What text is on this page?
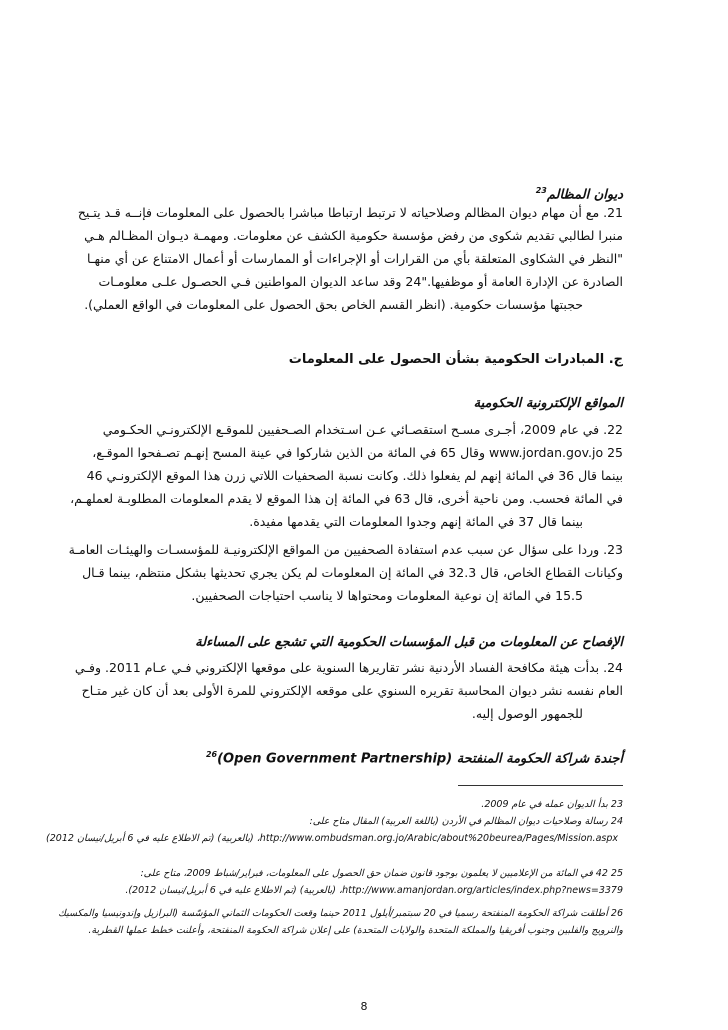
ديوان المظالم$^{23}$
21. مع أن مهام ديوان المظالم وصلاحياته لا ترتبط ارتباطا مباشرا بالحصول على المعلومات فإنــه قـد يتـيح
منبرا لطالبي تقديم شكوى من رفض مؤسسة حكومية الكشف عن معلومات. ومهمـة ديـوان المظـالم هـي
"النظر في الشكاوى المتعلقة بأي من القرارات أو الإجراءات أو الممارسات أو أعمال الامتناع عن أي منهـا
الصادرة عن الإدارة العامة أو موظفيها."24 وقد ساعد الديوان المواطنين فـي الحصـول علـى معلومـات
حجبتها مؤسسات حكومية. (انظر القسم الخاص بحق الحصول على المعلومات في الواقع العملي).
ج. المبادرات الحكومية بشأن الحصول على المعلومات
المواقع الإلكترونية الحكومية
22. في عام 2009، أجـرى مسـح استقصـائي عـن اسـتخدام الصـحفيين للموقـع الإلكترونـي الحكـومي
www.jordan.gov.jo 25 وقال 65 في المائة من الذين شاركوا في عينة المسح إنهـم تصـفحوا الموقـع،
بينما قال 36 في المائة إنهم لم يفعلوا ذلك. وكانت نسبة الصحفيات اللاتي زرن هذا الموقع الإلكترونـي 46
في المائة فحسب. ومن ناحية أخرى، قال 63 في المائة إن هذا الموقع لا يقدم المعلومات المطلوبـة لعملهـم،
بينما قال 37 في المائة إنهم وجدوا المعلومات التي يقدمها مفيدة.
23. وردا على سؤال عن سبب عدم استفادة الصحفيين من المواقع الإلكترونيـة للمؤسسـات والهيئـات العامـة
وكيانات القطاع الخاص، قال 32.3 في المائة إن المعلومات لم يكن يجري تحديثها بشكل منتظم، بينما قـال
15.5 في المائة إن نوعية المعلومات ومحتواها لا يناسب احتياجات الصحفيين.
الإفصاح عن المعلومات من قبل المؤسسات الحكومية التي تشجع على المساءلة
24. بدأت هيئة مكافحة الفساد الأردنية نشر تقاريرها السنوية على موقعها الإلكتروني فـي عـام 2011. وفـي
العام نفسه نشر ديوان المحاسبة تقريره السنوي على موقعه الإلكتروني للمرة الأولى بعد أن كان غير متـاح
للجمهور الوصول إليه.
أجندة شراكة الحكومة المنفتحة (Open Government Partnership)$^{26}$
23 بدأ الديوان عمله في عام 2009.
24 رسالة وصلاحيات ديوان المظالم في الأردن (باللغة العربية) المقال متاح على:
http://www.ombudsman.org.jo/Arabic/about%20beurea/Pages/Mission.aspx، (بالعربية) (تم الاطلاع عليه في 6 أبريل/نيسان 2012)
25 42 في المائة من الإعلاميين لا يعلمون بوجود قانون ضمان حق الحصول على المعلومات، فبراير/شباط 2009، متاح على:
http://www.amanjordan.org/articles/index.php?news=3379، (بالعربية) (تم الاطلاع عليه في 6 أبريل/نيسان 2012).
26 أطلقت شراكة الحكومة المنفتحة رسميا في 20 سبتمبر/أيلول 2011 حينما وقعت الحكومات الثماني المؤسّسة (البرازيل وإندونيسيا والمكسيك
والنرويج والفلبين وجنوب أفريقيا والمملكة المتحدة والولايات المتحدة) على إعلان شراكة الحكومة المنفتحة، وأعلنت خطط عملها القطرية.
8
